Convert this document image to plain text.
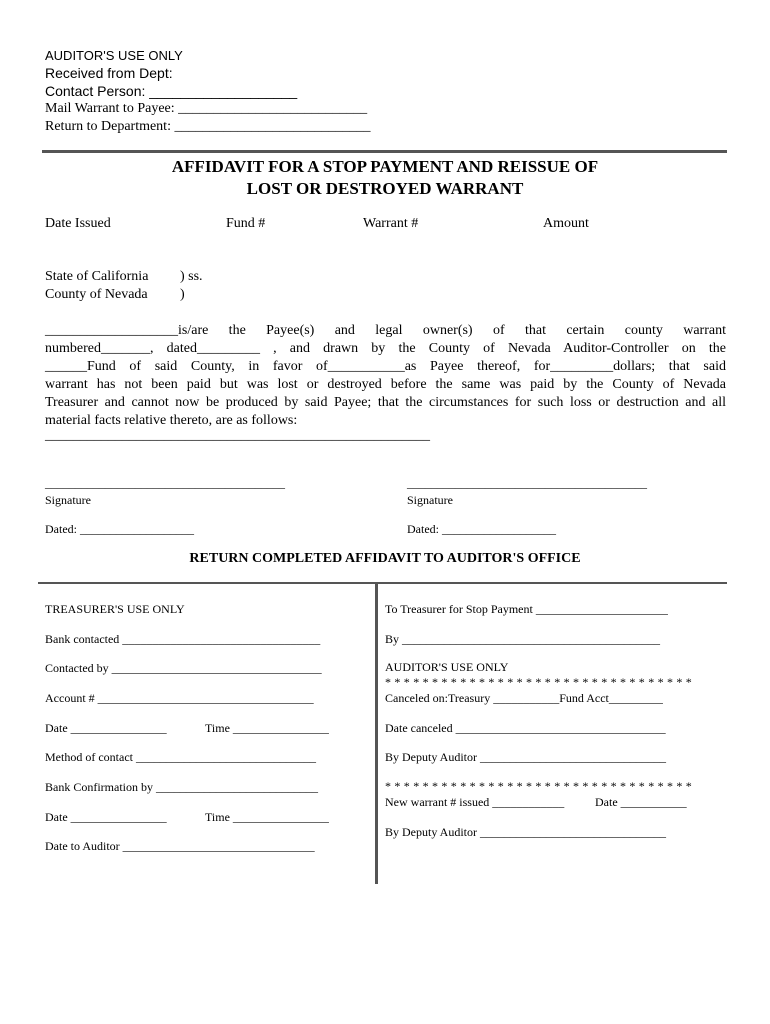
AUDITOR'S USE ONLY
Received from Dept:
Contact Person: ___________________
Mail Warrant to Payee: ___________________________
Return to Department: ____________________________
AFFIDAVIT FOR A STOP PAYMENT AND REISSUE OF
LOST OR DESTROYED WARRANT
Date Issued	Fund #	Warrant #	Amount
State of California ) ss.
County of Nevada )
___________________is/are the Payee(s) and legal owner(s) of that certain county warrant
numbered_______, dated_________ , and drawn by the County of Nevada Auditor-Controller on the
______Fund of said County, in favor of___________as Payee thereof, for_________dollars; that said
warrant has not been paid but was lost or destroyed before the same was paid by the County of Nevada
Treasurer and cannot now be produced by said Payee; that the circumstances for such loss or destruction and all
material facts relative thereto, are as follows:
_______________________________________________________
________________________________________
Signature
Dated: ___________________
________________________________________
Signature
Dated: ___________________
RETURN COMPLETED AFFIDAVIT TO AUDITOR'S OFFICE
TREASURER'S USE ONLY
Bank contacted _________________________________
Contacted by ___________________________________
Account # ____________________________________
Date ________________	Time ________________
Method of contact ______________________________
Bank Confirmation by ___________________________
Date ________________	Time ________________
Date to Auditor ________________________________
To Treasurer for Stop Payment ______________________
By ___________________________________________
AUDITOR'S USE ONLY
* * * * * * * * * * * * * * * * * * * * * * * * * * * * * * * * *
Canceled on:Treasury ___________Fund Acct_________
Date canceled ___________________________________
By Deputy Auditor _______________________________
* * * * * * * * * * * * * * * * * * * * * * * * * * * * * * * * *
New warrant # issued ____________	Date ___________
By Deputy Auditor _______________________________
